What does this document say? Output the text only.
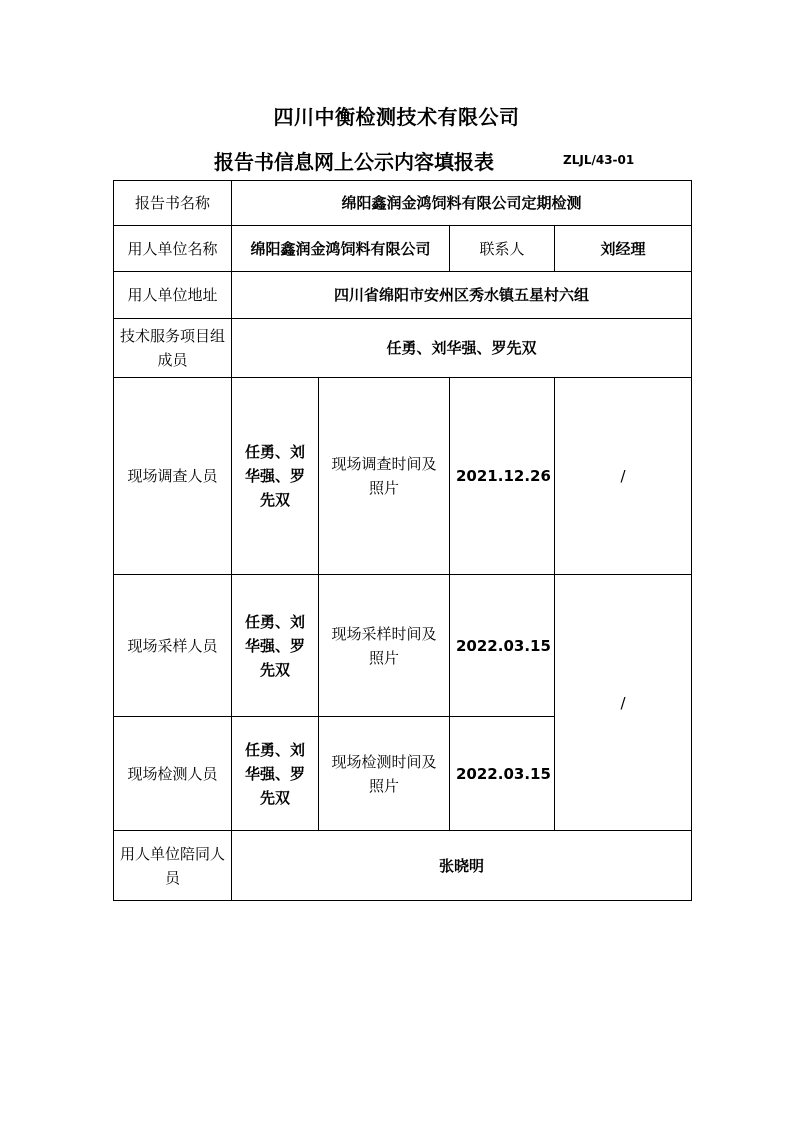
四川中衡检测技术有限公司
报告书信息网上公示内容填报表	ZLJL/43-01
报告书名称	绵阳鑫润金鸿饲料有限公司定期检测			
用人单位名称	绵阳鑫润金鸿饲料有限公司		联系人	刘经理
用人单位地址	四川省绵阳市安州区秀水镇五星村六组			
技术服务项目组成员	任勇、刘华强、罗先双			
现场调查人员	任勇、刘华强、罗先双	现场调查时间及照片	2021.12.26	/
现场采样人员	任勇、刘华强、罗先双	现场采样时间及照片	2022.03.15	/
现场检测人员	任勇、刘华强、罗先双	现场检测时间及照片	2022.03.15	
用人单位陪同人员	张晓明			
